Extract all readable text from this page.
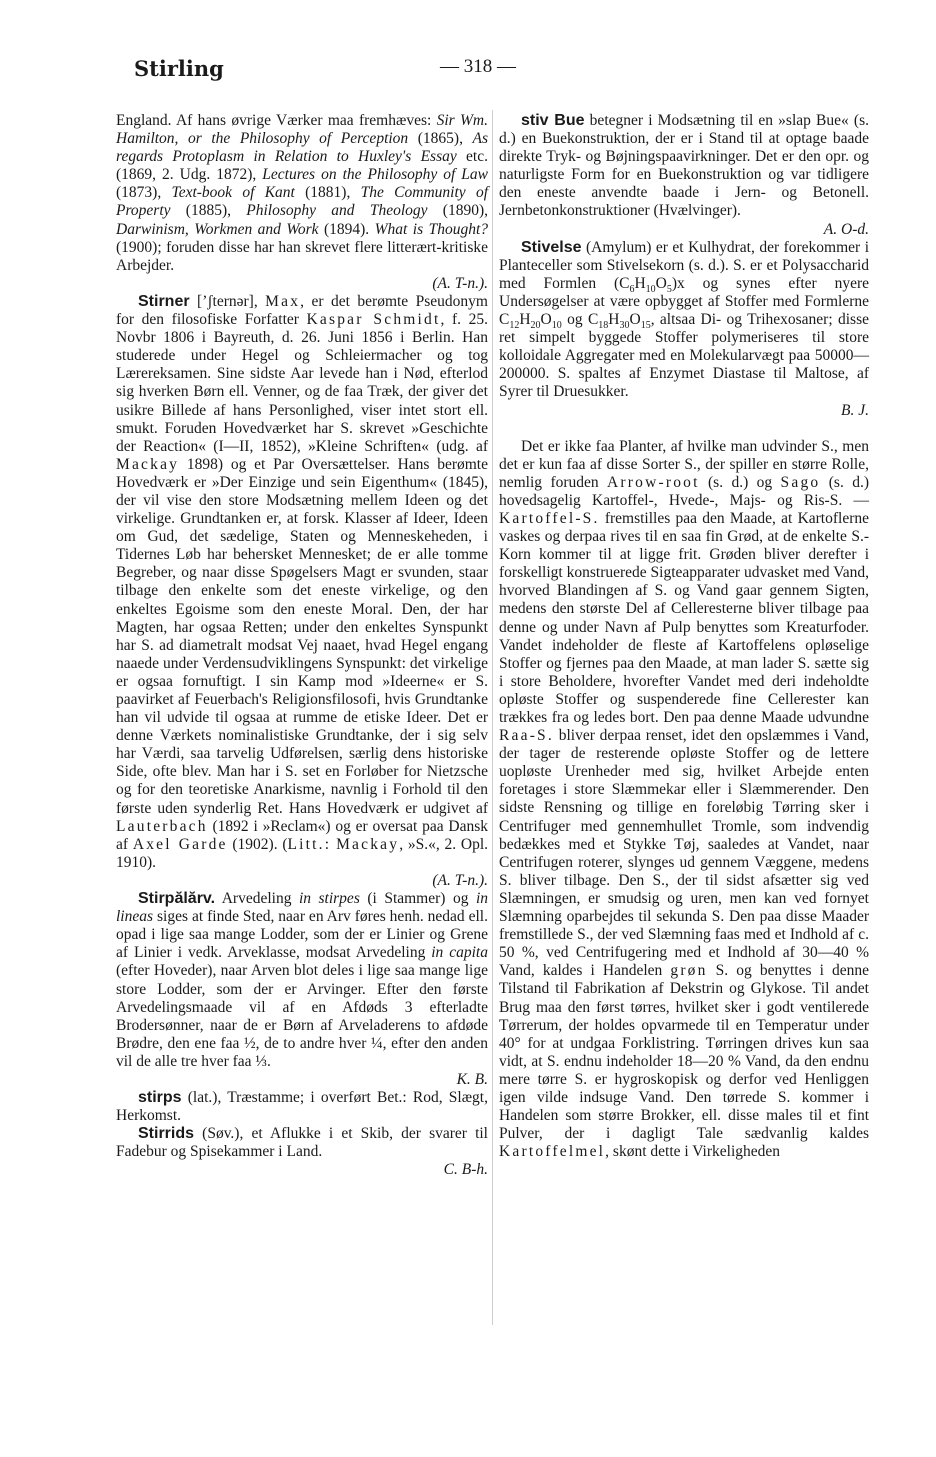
Stirling	— 318 —

England. Af hans øvrige Værker maa fremhæves: Sir Wm. Hamilton, or the Philosophy of Perception (1865), As regards Protoplasm in Relation to Huxley's Essay etc. (1869, 2. Udg. 1872), Lectures on the Philosophy of Law (1873), Text-book of Kant (1881), The Community of Property (1885), Philosophy and Theology (1890), Darwinism, Workmen and Work (1894). What is Thought? (1900); foruden disse har han skrevet flere litterært-kritiske Arbejder.

(A. T-n.).

Stirner [ʼʃternər], Max, er det berømte Pseudonym for den filosofiske Forfatter Kaspar Schmidt, f. 25. Novbr 1806 i Bayreuth, d. 26. Juni 1856 i Berlin. Han studerede under Hegel og Schleiermacher og tog Lærereksamen. Sine sidste Aar levede han i Nød, efterlod sig hverken Børn ell. Venner, og de faa Træk, der giver det usikre Billede af hans Personlighed, viser intet stort ell. smukt. Foruden Hovedværket har S. skrevet »Geschichte der Reaction« (I—II, 1852), »Kleine Schriften« (udg. af Mackay 1898) og et Par Oversættelser. Hans berømte Hovedværk er »Der Einzige und sein Eigenthum« (1845), der vil vise den store Modsætning mellem Ideen og det virkelige. Grundtanken er, at forsk. Klasser af Ideer, Ideen om Gud, det sædelige, Staten og Menneskeheden, i Tidernes Løb har behersket Mennesket; de er alle tomme Begreber, og naar disse Spøgelsers Magt er svunden, staar tilbage den enkelte som det eneste virkelige, og den enkeltes Egoisme som den eneste Moral. Den, der har Magten, har ogsaa Retten; under den enkeltes Synspunkt har S. ad diametralt modsat Vej naaet, hvad Hegel engang naaede under Verdensudviklingens Synspunkt: det virkelige er ogsaa fornuftigt. I sin Kamp mod »Ideerne« er S. paavirket af Feuerbach's Religionsfilosofi, hvis Grundtanke han vil udvide til ogsaa at rumme de etiske Ideer. Det er denne Værkets nominalistiske Grundtanke, der i sig selv har Værdi, saa tarvelig Udførelsen, særlig dens historiske Side, ofte blev. Man har i S. set en Forløber for Nietzsche og for den teoretiske Anarkisme, navnlig i Forhold til den første uden synderlig Ret. Hans Hovedværk er udgivet af Lauterbach (1892 i »Reclam«) og er oversat paa Dansk af Axel Garde (1902). (Litt.: Mackay, »S.«, 2. Opl. 1910).

(A. T-n.).

Stirpălărv. Arvedeling in stirpes (i Stammer) og in lineas siges at finde Sted, naar en Arv føres henh. nedad ell. opad i lige saa mange Lodder, som der er Linier og Grene af Linier i vedk. Arveklasse, modsat Arvedeling in capita (efter Hoveder), naar Arven blot deles i lige saa mange lige store Lodder, som der er Arvinger. Efter den første Arvedelingsmaade vil af en Afdøds 3 efterladte Brodersønner, naar de er Børn af Arveladerens to afdøde Brødre, den ene faa ½, de to andre hver ¼, efter den anden vil de alle tre hver faa ⅓.

K. B.

stirps (lat.), Træstamme; i overført Bet.: Rod, Slægt, Herkomst.

Stirrids (Søv.), et Aflukke i et Skib, der svarer til Fadebur og Spisekammer i Land.

C. B-h.

stiv Bue betegner i Modsætning til en »slap Bue« (s. d.) en Buekonstruktion, der er i Stand til at optage baade direkte Tryk- og Bøjningspaavirkninger. Det er den opr. og naturligste Form for en Buekonstruktion og var tidligere den eneste anvendte baade i Jern- og Betonell. Jernbetonkonstruktioner (Hvælvinger).

A. O-d.

Stivelse (Amylum) er et Kulhydrat, der forekommer i Planteceller som Stivelsekorn (s. d.). S. er et Polysaccharid med Formlen $(C_6H_{10}O_5)x$ og synes efter nyere Undersøgelser at være opbygget af Stoffer med Formlerne $C_{12}H_{20}O_{10}$ og $C_{18}H_{30}O_{15}$, altsaa Di- og Trihexosaner; disse ret simpelt byggede Stoffer polymeriseres til store kolloidale Aggregater med en Molekularvægt paa 50000—200000. S. spaltes af Enzymet Diastase til Maltose, af Syrer til Druesukker.

B. J.

Det er ikke faa Planter, af hvilke man udvinder S., men det er kun faa af disse Sorter S., der spiller en større Rolle, nemlig foruden Arrow-root (s. d.) og Sago (s. d.) hovedsagelig Kartoffel-, Hvede-, Majs- og Ris-S. — Kartoffel-S. fremstilles paa den Maade, at Kartoflerne vaskes og derpaa rives til en saa fin Grød, at de enkelte S.-Korn kommer til at ligge frit. Grøden bliver derefter i forskelligt konstruerede Sigteapparater udvasket med Vand, hvorved Blandingen af S. og Vand gaar gennem Sigten, medens den største Del af Celleresterne bliver tilbage paa denne og under Navn af Pulp benyttes som Kreaturfoder. Vandet indeholder de fleste af Kartoffelens opløselige Stoffer og fjernes paa den Maade, at man lader S. sætte sig i store Beholdere, hvorefter Vandet med deri indeholdte opløste Stoffer og suspenderede fine Cellerester kan trækkes fra og ledes bort. Den paa denne Maade udvundne Raa-S. bliver derpaa renset, idet den opslæmmes i Vand, der tager de resterende opløste Stoffer og de lettere uopløste Urenheder med sig, hvilket Arbejde enten foretages i store Slæmmekar eller i Slæmmerender. Den sidste Rensning og tillige en foreløbig Tørring sker i Centrifuger med gennemhullet Tromle, som indvendig bedækkes med et Stykke Tøj, saaledes at Vandet, naar Centrifugen roterer, slynges ud gennem Væggene, medens S. bliver tilbage. Den S., der til sidst afsætter sig ved Slæmningen, er smudsig og uren, men kan ved fornyet Slæmning oparbejdes til sekunda S. Den paa disse Maader fremstillede S., der ved Slæmning faas med et Indhold af c. 50 %, ved Centrifugering med et Indhold af 30—40 % Vand, kaldes i Handelen grøn S. og benyttes i denne Tilstand til Fabrikation af Dekstrin og Glykose. Til andet Brug maa den først tørres, hvilket sker i godt ventilerede Tørrerum, der holdes opvarmede til en Temperatur under 40° for at undgaa Forklistring. Tørringen drives kun saa vidt, at S. endnu indeholder 18—20 % Vand, da den endnu mere tørre S. er hygroskopisk og derfor ved Henliggen igen vilde indsuge Vand. Den tørrede S. kommer i Handelen som større Brokker, ell. disse males til et fint Pulver, der i dagligt Tale sædvanlig kaldes Kartoffelmel, skønt dette i Virkeligheden
